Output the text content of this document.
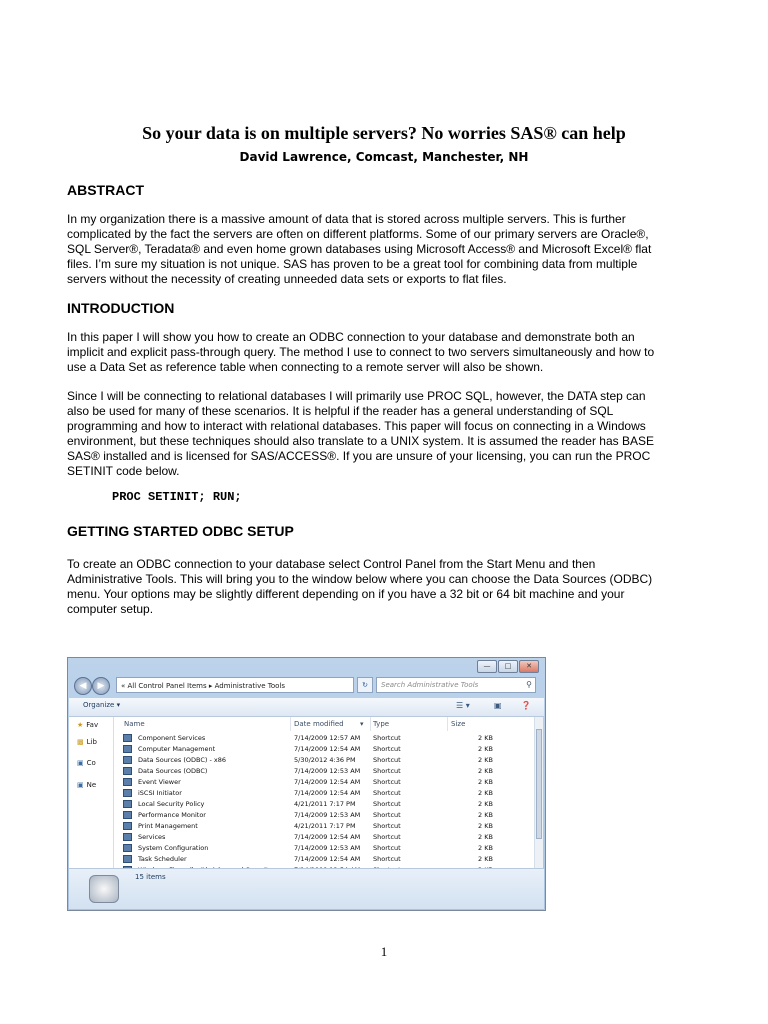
So your data is on multiple servers? No worries SAS® can help
David Lawrence, Comcast, Manchester, NH
ABSTRACT
In my organization there is a massive amount of data that is stored across multiple servers. This is further
complicated by the fact the servers are often on different platforms. Some of our primary servers are Oracle®,
SQL Server®, Teradata® and even home grown databases using Microsoft Access® and Microsoft Excel® flat
files. I’m sure my situation is not unique. SAS has proven to be a great tool for combining data from multiple
servers without the necessity of creating unneeded data sets or exports to flat files.
INTRODUCTION
In this paper I will show you how to create an ODBC connection to your database and demonstrate both an
implicit and explicit pass-through query. The method I use to connect to two servers simultaneously and how to
use a Data Set as reference table when connecting to a remote server will also be shown.
Since I will be connecting to relational databases I will primarily use PROC SQL, however, the DATA step can
also be used for many of these scenarios. It is helpful if the reader has a general understanding of SQL
programming and how to interact with relational databases. This paper will focus on connecting in a Windows
environment, but these techniques should also translate to a UNIX system. It is assumed the reader has BASE
SAS® installed and is licensed for SAS/ACCESS®. If you are unsure of your licensing, you can run the PROC
SETINIT code below.
PROC SETINIT; RUN;
GETTING STARTED ODBC SETUP
To create an ODBC connection to your database select Control Panel from the Start Menu and then
Administrative Tools. This will bring you to the window below where you can choose the Data Sources (ODBC)
menu. Your options may be slightly different depending on if you have a 32 bit or 64 bit machine and your
computer setup.
—	□	✕
◀	▶	« All Control Panel Items ▸ Administrative Tools	↻	Search Administrative Tools	⚲
Organize ▾	☰ ▾	▣ ❓
★ Fav
▩ Lib
▣ Co
▣ Ne
Name	Date modified ▾ Type	Size
Component Services	7/14/2009 12:57 AM Shortcut	2 KB
Computer Management	7/14/2009 12:54 AM Shortcut	2 KB
Data Sources (ODBC) - x86	5/30/2012 4:36 PM	Shortcut	2 KB
Data Sources (ODBC)	7/14/2009 12:53 AM Shortcut	2 KB
Event Viewer	7/14/2009 12:54 AM Shortcut	2 KB
iSCSI Initiator	7/14/2009 12:54 AM Shortcut	2 KB
Local Security Policy	4/21/2011 7:17 PM	Shortcut	2 KB
Performance Monitor	7/14/2009 12:53 AM Shortcut	2 KB
Print Management	4/21/2011 7:17 PM	Shortcut	2 KB
Services	7/14/2009 12:54 AM Shortcut	2 KB
System Configuration	7/14/2009 12:53 AM Shortcut	2 KB
Task Scheduler	7/14/2009 12:54 AM Shortcut	2 KB
15 items
1
